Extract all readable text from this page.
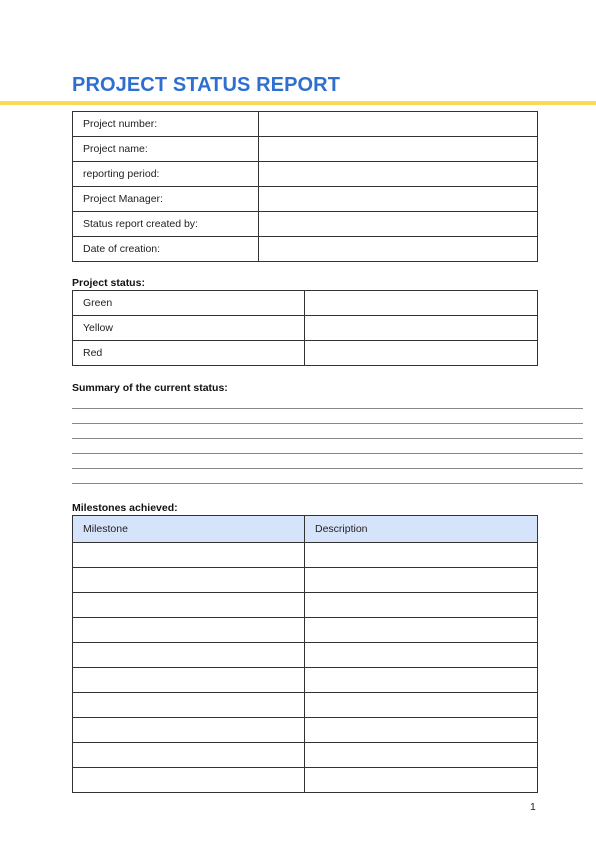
PROJECT STATUS REPORT
Project number:	
Project name:	
reporting period:	
Project Manager:	
Status report created by:	
Date of creation:	
Project status:
Green	
Yellow	
Red	
Summary of the current status:
Milestones achieved:
Milestone	Description

1
